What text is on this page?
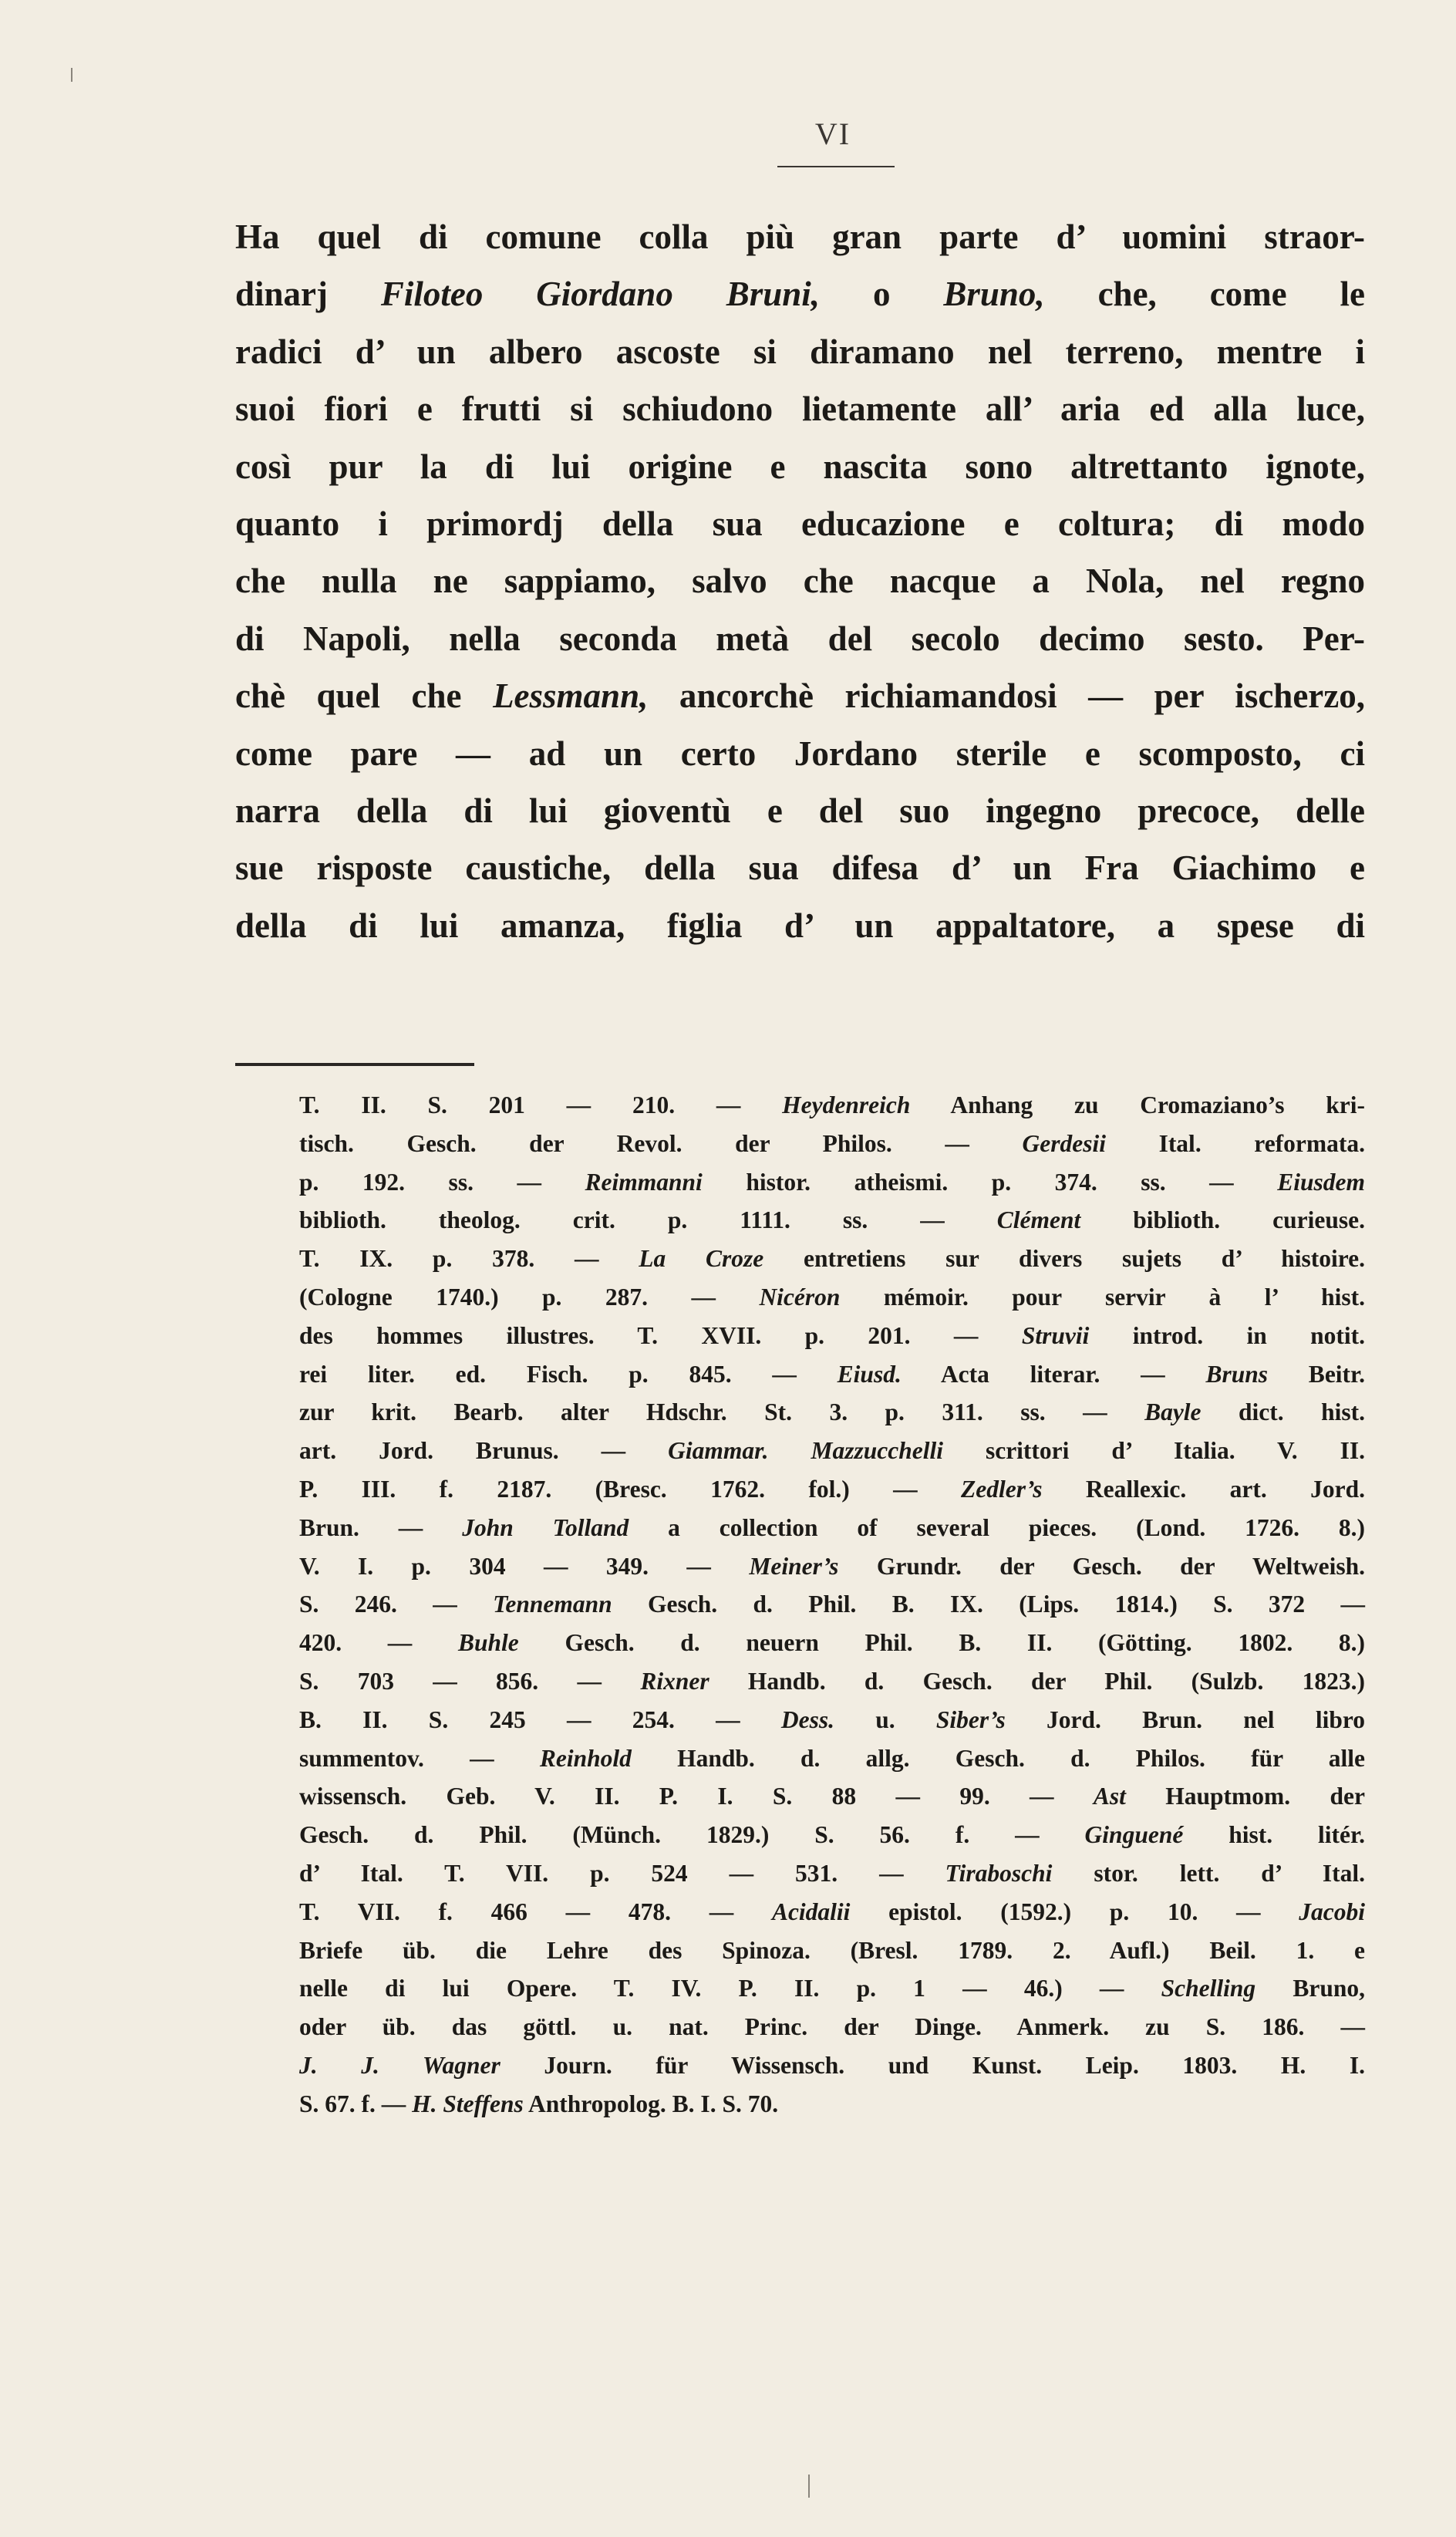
VI

Ha quel di comune colla più gran parte d’ uomini straor-

dinarj Filoteo Giordano Bruni, o Bruno, che, come le

radici d’ un albero ascoste si diramano nel terreno, mentre i

suoi fiori e frutti si schiudono lietamente all’ aria ed alla luce,

così pur la di lui origine e nascita sono altrettanto ignote,

quanto i primordj della sua educazione e coltura; di modo

che nulla ne sappiamo, salvo che nacque a Nola, nel regno

di Napoli, nella seconda metà del secolo decimo sesto. Per-

chè quel che Lessmann, ancorchè richiamandosi — per ischerzo,

come pare — ad un certo Jordano sterile e scomposto, ci

narra della di lui gioventù e del suo ingegno precoce, delle

sue risposte caustiche, della sua difesa d’ un Fra Giachimo e

della di lui amanza, figlia d’ un appaltatore, a spese di

T. II. S. 201 — 210. — Heydenreich Anhang zu Cromaziano’s kri-

tisch. Gesch. der Revol. der Philos. — Gerdesii Ital. reformata.

p. 192. ss. — Reimmanni histor. atheismi. p. 374. ss. — Eiusdem

biblioth. theolog. crit. p. 1111. ss. — Clément biblioth. curieuse.

T. IX. p. 378. — La Croze entretiens sur divers sujets d’ histoire.

(Cologne 1740.) p. 287. — Nicéron mémoir. pour servir à l’ hist.

des hommes illustres. T. XVII. p. 201. — Struvii introd. in notit.

rei liter. ed. Fisch. p. 845. — Eiusd. Acta literar. — Bruns Beitr.

zur krit. Bearb. alter Hdschr. St. 3. p. 311. ss. — Bayle dict. hist.

art. Jord. Brunus. — Giammar. Mazzucchelli scrittori d’ Italia. V. II.

P. III. f. 2187. (Bresc. 1762. fol.) — Zedler’s Reallexic. art. Jord.

Brun. — John Tolland a collection of several pieces. (Lond. 1726. 8.)

V. I. p. 304 — 349. — Meiner’s Grundr. der Gesch. der Weltweish.

S. 246. — Tennemann Gesch. d. Phil. B. IX. (Lips. 1814.) S. 372 —

420. — Buhle Gesch. d. neuern Phil. B. II. (Götting. 1802. 8.)

S. 703 — 856. — Rixner Handb. d. Gesch. der Phil. (Sulzb. 1823.)

B. II. S. 245 — 254. — Dess. u. Siber’s Jord. Brun. nel libro

summentov. — Reinhold Handb. d. allg. Gesch. d. Philos. für alle

wissensch. Geb. V. II. P. I. S. 88 — 99. — Ast Hauptmom. der

Gesch. d. Phil. (Münch. 1829.) S. 56. f. — Ginguené hist. litér.

d’ Ital. T. VII. p. 524 — 531. — Tiraboschi stor. lett. d’ Ital.

T. VII. f. 466 — 478. — Acidalii epistol. (1592.) p. 10. — Jacobi

Briefe üb. die Lehre des Spinoza. (Bresl. 1789. 2. Aufl.) Beil. 1. e

nelle di lui Opere. T. IV. P. II. p. 1 — 46.) — Schelling Bruno,

oder üb. das göttl. u. nat. Princ. der Dinge. Anmerk. zu S. 186. —

J. J. Wagner Journ. für Wissensch. und Kunst. Leip. 1803. H. I.

S. 67. f. — H. Steffens Anthropolog. B. I. S. 70.
